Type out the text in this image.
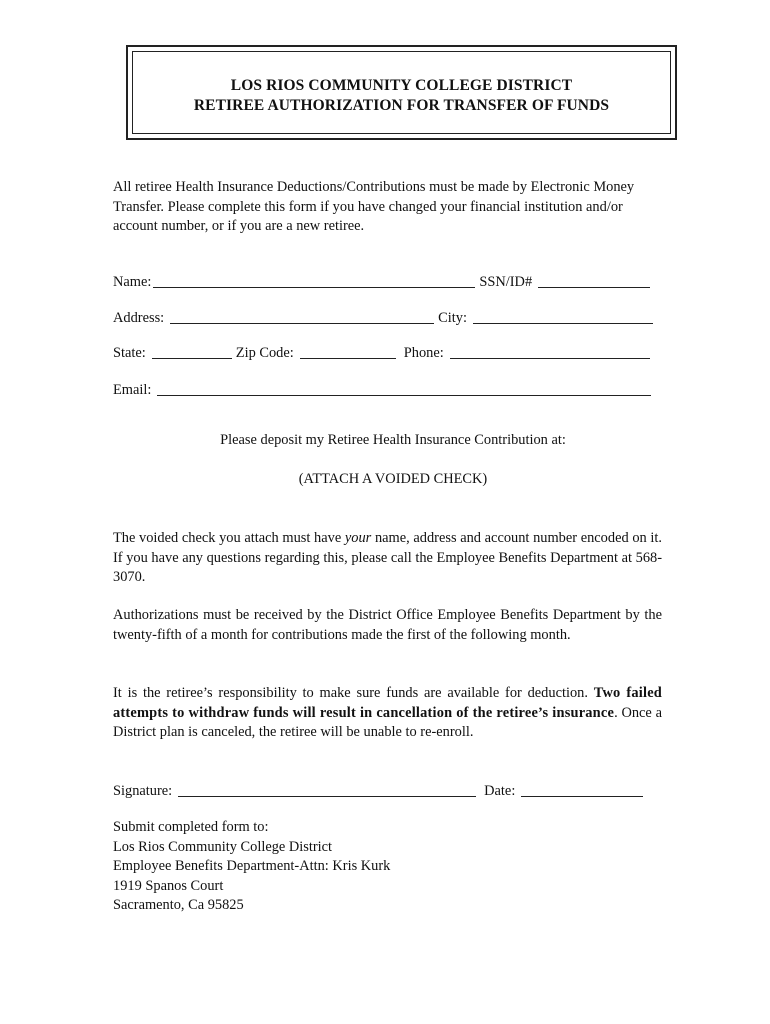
LOS RIOS COMMUNITY COLLEGE DISTRICT
RETIREE AUTHORIZATION FOR TRANSFER OF FUNDS

All retiree Health Insurance Deductions/Contributions must be made by Electronic Money Transfer. Please complete this form if you have changed your financial institution and/or account number, or if you are a new retiree.

Name:	SSN/ID#
Address:	City:
State:	Zip Code:	Phone:
Email:
Please deposit my Retiree Health Insurance Contribution at:
(ATTACH A VOIDED CHECK)

The voided check you attach must have your name, address and account number encoded on it. If you have any questions regarding this, please call the Employee Benefits Department at 568-3070.

Authorizations must be received by the District Office Employee Benefits Department by the twenty-fifth of a month for contributions made the first of the following month.

It is the retiree’s responsibility to make sure funds are available for deduction. Two failed attempts to withdraw funds will result in cancellation of the retiree’s insurance. Once a District plan is canceled, the retiree will be unable to re-enroll.

Signature:	Date:
Submit completed form to:
Los Rios Community College District
Employee Benefits Department-Attn: Kris Kurk
1919 Spanos Court
Sacramento, Ca 95825
